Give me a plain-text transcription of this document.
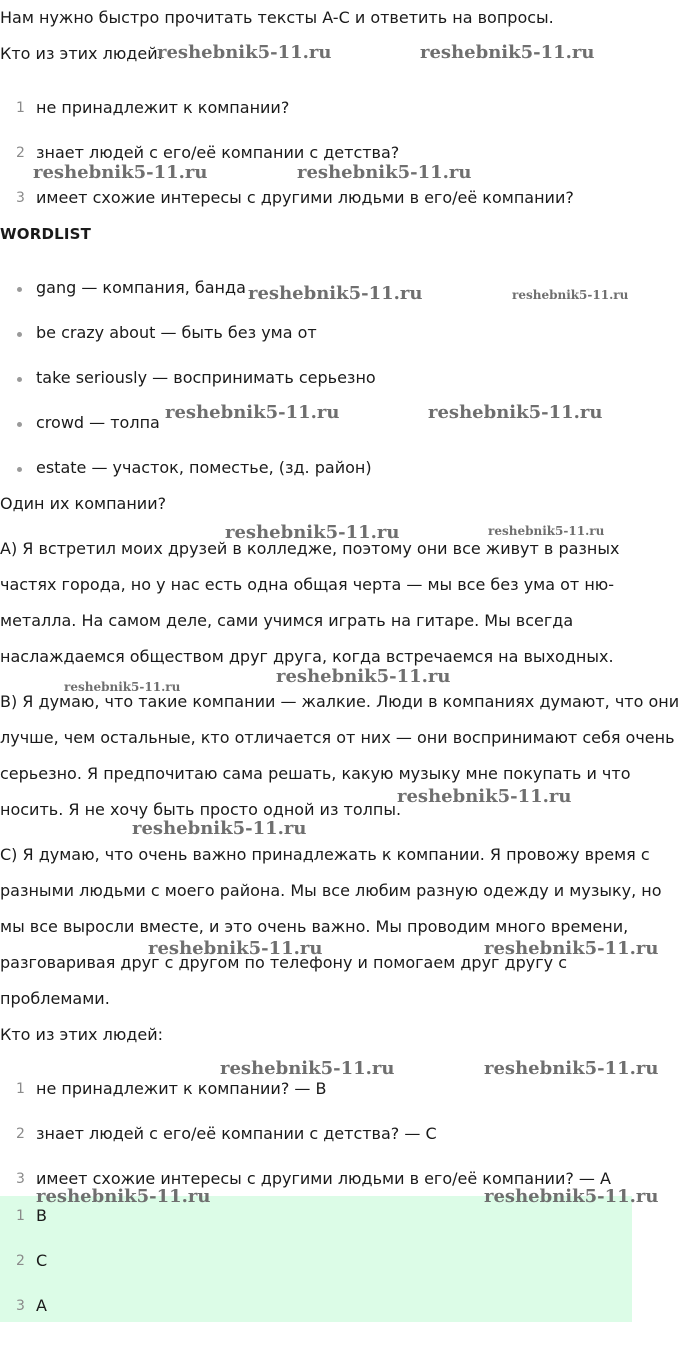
Нам нужно быстро прочитать тексты A-C и ответить на вопросы.
Кто из этих людей:
1 не принадлежит к компании?
2 знает людей с его/её компании с детства?
3 имеет схожие интересы с другими людьми в его/её компании?
WORDLIST
gang — компания, банда
be crazy about — быть без ума от
take seriously — воспринимать серьезно
crowd — толпа
estate — участок, поместье, (зд. район)
Один их компании?
A) Я встретил моих друзей в колледже, поэтому они все живут в разных частях города, но у нас есть одна общая черта — мы все без ума от ню-металла. На самом деле, сами учимся играть на гитаре. Мы всегда наслаждаемся обществом друг друга, когда встречаемся на выходных.
B) Я думаю, что такие компании — жалкие. Люди в компаниях думают, что они лучше, чем остальные, кто отличается от них — они воспринимают себя очень серьезно. Я предпочитаю сама решать, какую музыку мне покупать и что носить. Я не хочу быть просто одной из толпы.
C) Я думаю, что очень важно принадлежать к компании. Я провожу время с разными людьми с моего района. Мы все любим разную одежду и музыку, но мы все выросли вместе, и это очень важно. Мы проводим много времени, разговаривая друг с другом по телефону и помогаем друг другу с проблемами.
Кто из этих людей:
1 не принадлежит к компании? — B
2 знает людей с его/её компании с детства? — C
3 имеет схожие интересы с другими людьми в его/её компании? — A
1 B
2 C
3 A
reshebnik5-11.ru	reshebnik5-11.ru
reshebnik5-11.ru	reshebnik5-11.ru
reshebnik5-11.ru	reshebnik5-11.ru
reshebnik5-11.ru	reshebnik5-11.ru
reshebnik5-11.ru	reshebnik5-11.ru
reshebnik5-11.ru	reshebnik5-11.ru
reshebnik5-11.ru
reshebnik5-11.ru
reshebnik5-11.ru	reshebnik5-11.ru
reshebnik5-11.ru	reshebnik5-11.ru
reshebnik5-11.ru	reshebnik5-11.ru
